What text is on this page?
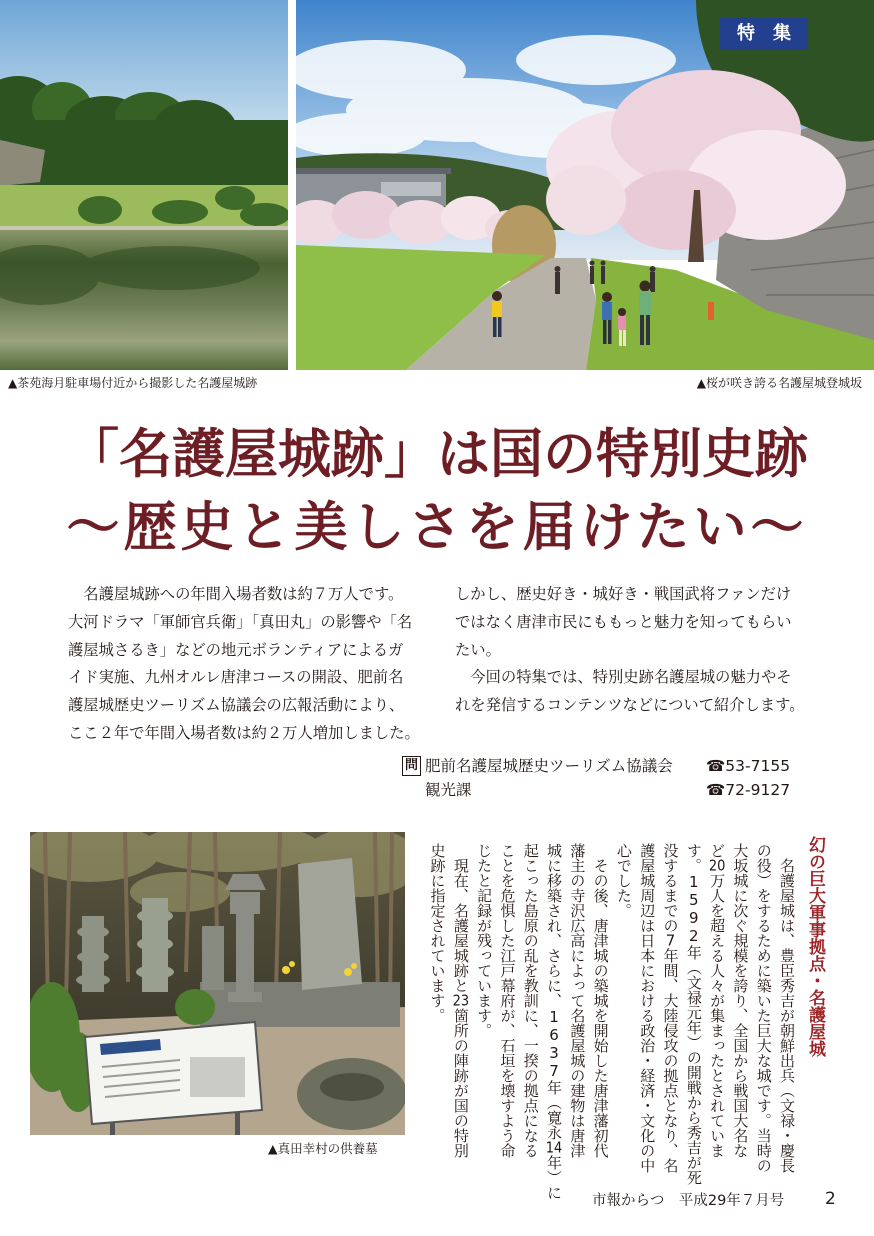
特　集
▲茶苑海月駐車場付近から撮影した名護屋城跡	▲桜が咲き誇る名護屋城登城坂
「名護屋城跡」は国の特別史跡
～歴史と美しさを届けたい～
　名護屋城跡への年間入場者数は約７万人です。
大河ドラマ「軍師官兵衛」「真田丸」の影響や「名
護屋城さるき」などの地元ボランティアによるガ
イド実施、九州オルレ唐津コースの開設、肥前名
護屋城歴史ツーリズム協議会の広報活動により、
ここ２年で年間入場者数は約２万人増加しました。
しかし、歴史好き・城好き・戦国武将ファンだけ
ではなく唐津市民にももっと魅力を知ってもらい
たい。
　今回の特集では、特別史跡名護屋城の魅力やそ
れを発信するコンテンツなどについて紹介します。
問 肥前名護屋城歴史ツーリズム協議会 ☎53-7155
観光課	☎72-9127
▲真田幸村の供養墓
幻の巨大軍事拠点・名護屋城
　名護屋城は、豊臣秀吉が朝鮮出兵（文禄・慶長
の役）をするために築いた巨大な城です。当時の
大坂城に次ぐ規模を誇り、全国から戦国大名な
ど20万人を超える人々が集まったとされていま
す。1592年（文禄元年）の開戦から秀吉が死
没するまでの7年間、大陸侵攻の拠点となり、名
護屋城周辺は日本における政治・経済・文化の中
心でした。
　その後、唐津城の築城を開始した唐津藩初代
藩主の寺沢広高によって名護屋城の建物は唐津
城に移築され、さらに、1637年（寛永14年）に
起こった島原の乱を教訓に、一揆の拠点になる
ことを危惧した江戸幕府が、石垣を壊すよう命
じたと記録が残っています。
　現在、名護屋城跡と23箇所の陣跡が国の特別
史跡に指定されています。
市報からつ　平成29年７月号 2
